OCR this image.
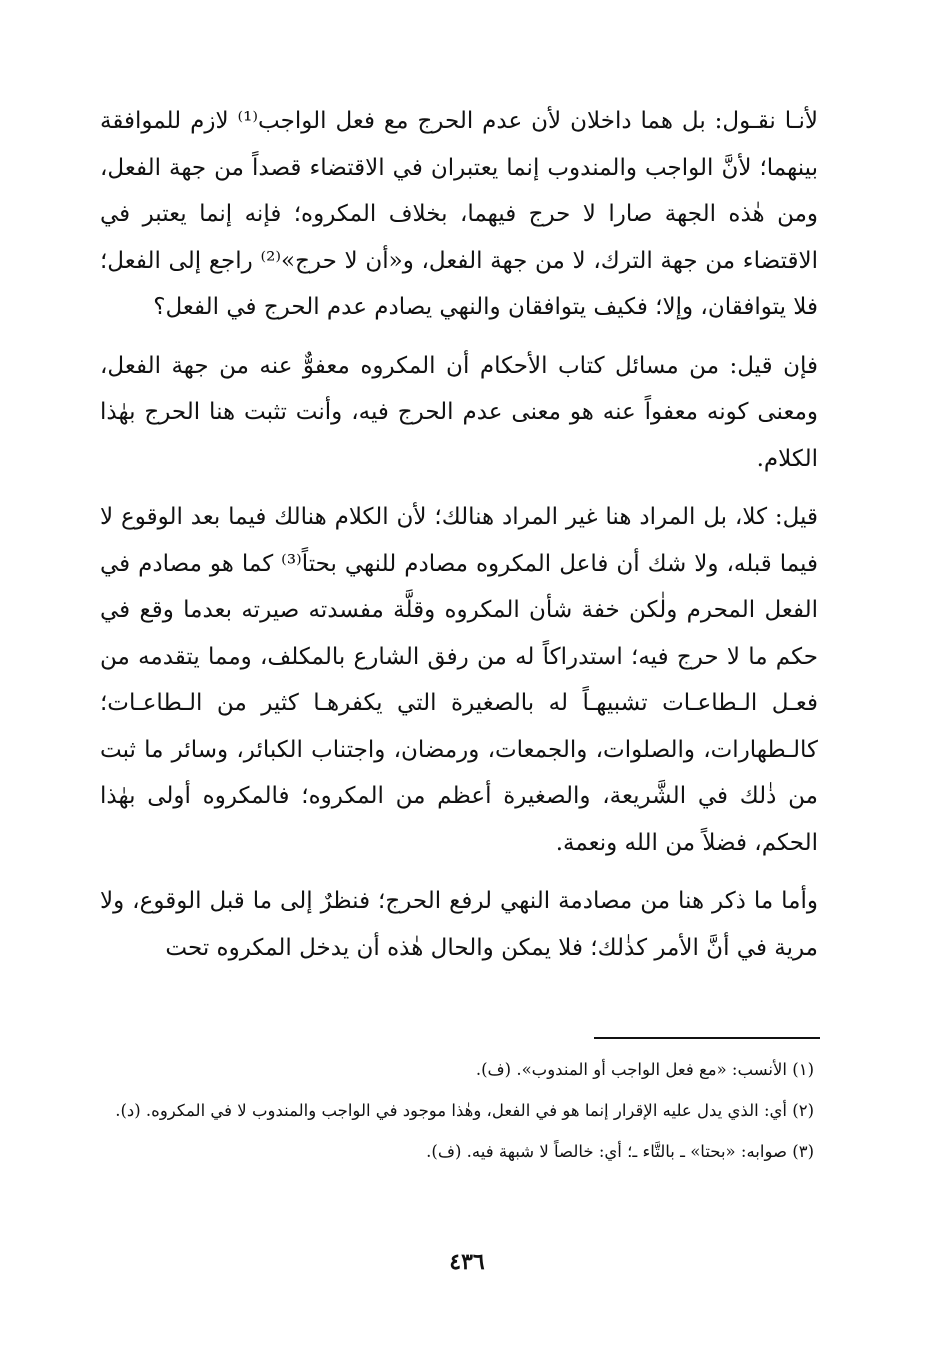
لأنـا نقـول: بل هما داخلان لأن عدم الحرج مع فعل الواجب⁽¹⁾ لازم للموافقة بينهما؛ لأنَّ الواجب والمندوب إنما يعتبران في الاقتضاء قصداً من جهة الفعل، ومن هٰذه الجهة صارا لا حرج فيهما، بخلاف المكروه؛ فإنه إنما يعتبر في الاقتضاء من جهة الترك، لا من جهة الفعل، و«أن لا حرج»⁽²⁾ راجع إلى الفعل؛ فلا يتوافقان، وإلا؛ فكيف يتوافقان والنهي يصادم عدم الحرج في الفعل؟

فإن قيل: من مسائل كتاب الأحكام أن المكروه معفوٌّ عنه من جهة الفعل، ومعنى كونه معفواً عنه هو معنى عدم الحرج فيه، وأنت تثبت هنا الحرج بهٰذا الكلام.

قيل: كلا، بل المراد هنا غير المراد هنالك؛ لأن الكلام هنالك فيما بعد الوقوع لا فيما قبله، ولا شك أن فاعل المكروه مصادم للنهي بحتاً⁽³⁾ كما هو مصادم في الفعل المحرم ولٰكن خفة شأن المكروه وقلَّة مفسدته صيرته بعدما وقع في حكم ما لا حرج فيه؛ استدراكاً له من رفق الشارع بالمكلف، ومما يتقدمه من فعـل الـطاعـات تشبيهـاً له بالصغيرة التي يكفرهـا كثير من الـطاعـات؛ كالـطهارات، والصلوات، والجمعات، ورمضان، واجتناب الكبائر، وسائر ما ثبت من ذٰلك في الشَّريعة، والصغيرة أعظم من المكروه؛ فالمكروه أولى بهٰذا الحكم، فضلاً من الله ونعمة.

وأما ما ذكر هنا من مصادمة النهي لرفع الحرج؛ فنظرٌ إلى ما قبل الوقوع، ولا مرية في أنَّ الأمر كذٰلك؛ فلا يمكن والحال هٰذه أن يدخل المكروه تحت

(١) الأنسب: «مع فعل الواجب أو المندوب». (ف).

(٢) أي: الذي يدل عليه الإقرار إنما هو في الفعل، وهٰذا موجود في الواجب والمندوب لا في المكروه. (د).

(٣) صوابه: «بحتا» ـ بالتَّاء ـ؛ أي: خالصاً لا شبهة فيه. (ف).

٤٣٦
